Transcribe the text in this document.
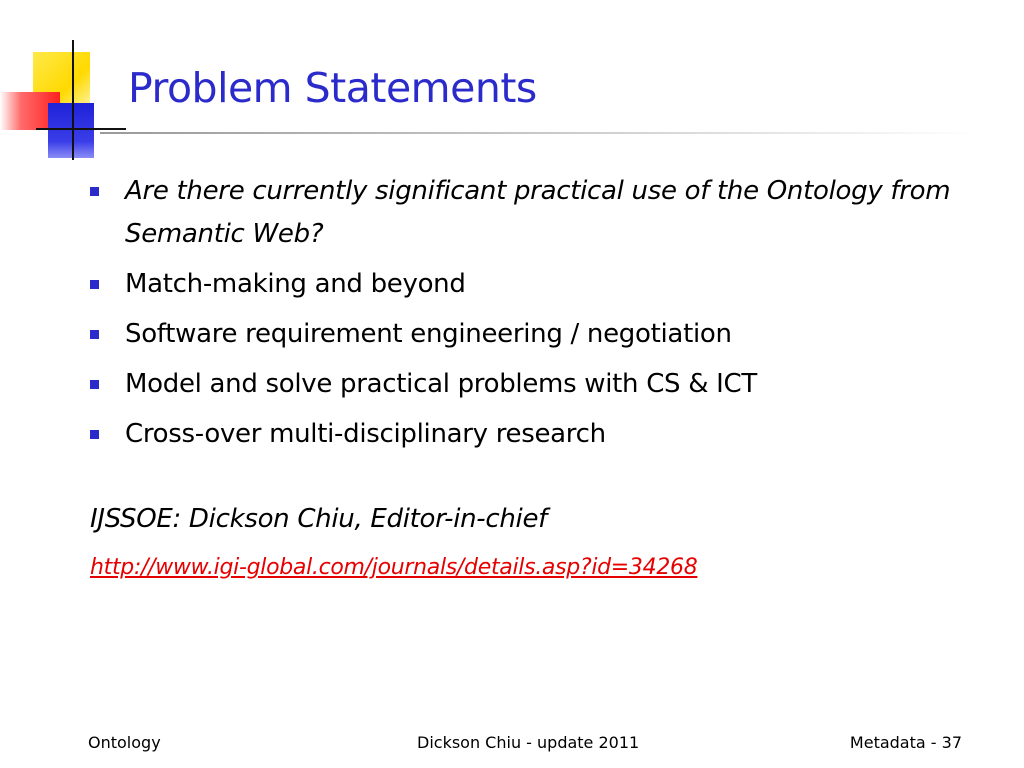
Problem Statements
Are there currently significant practical use of the Ontology from Semantic Web?
Match-making and beyond
Software requirement engineering / negotiation
Model and solve practical problems with CS & ICT
Cross-over multi-disciplinary research

IJSSOE: Dickson Chiu, Editor-in-chief

http://www.igi-global.com/journals/details.asp?id=34268
Ontology	Dickson Chiu - update 2011	Metadata - 37
